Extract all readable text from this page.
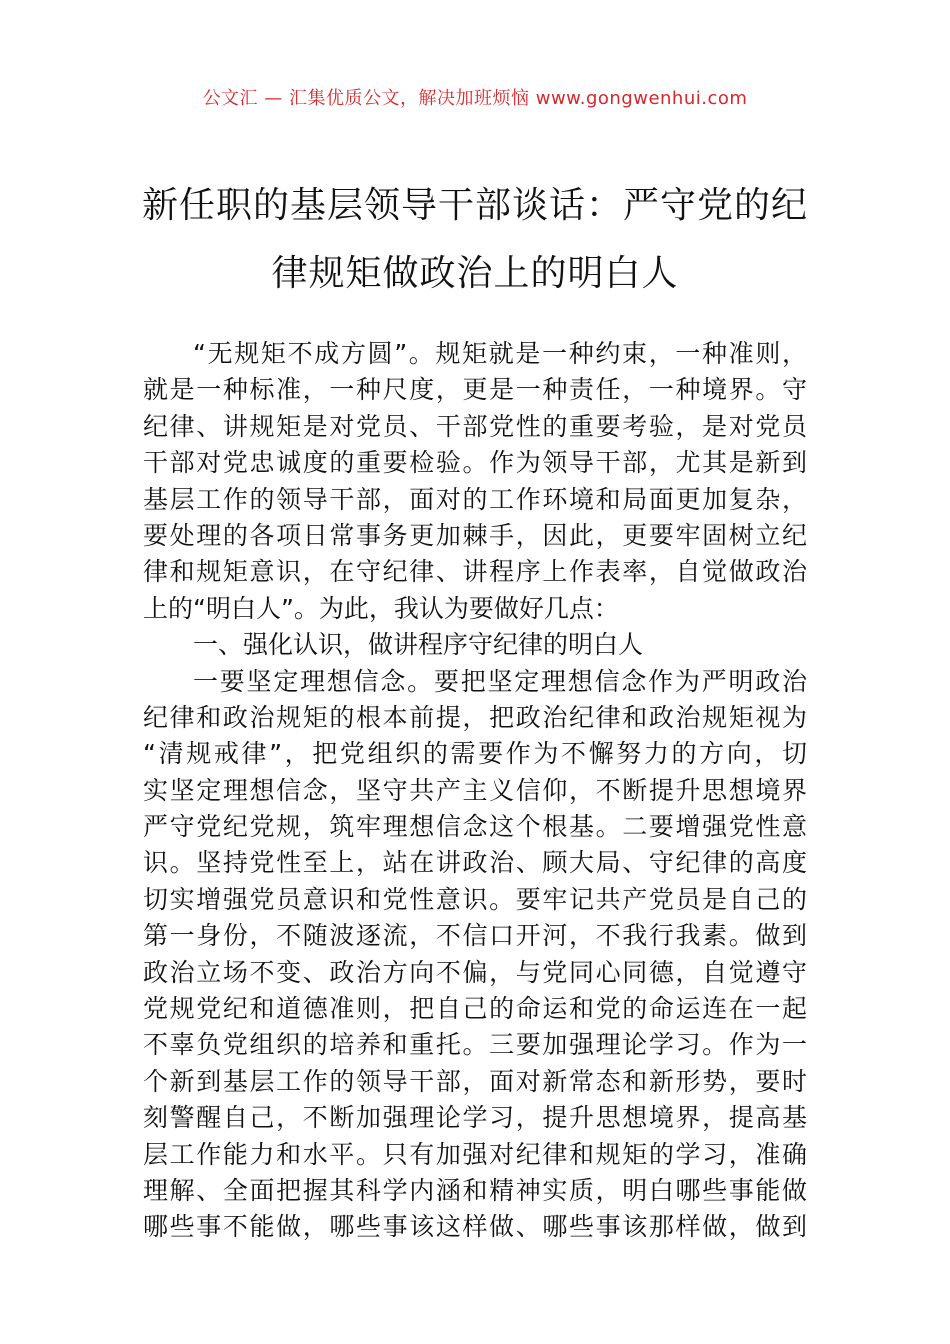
公文汇 — 汇集优质公文，解决加班烦恼 www.gongwenhui.com
新任职的基层领导干部谈话：严守党的纪
律规矩做政治上的明白人
“无规矩不成方圆”。规矩就是一种约束，一种准则，
就是一种标准，一种尺度，更是一种责任，一种境界。守
纪律、讲规矩是对党员、干部党性的重要考验，是对党员
干部对党忠诚度的重要检验。作为领导干部，尤其是新到
基层工作的领导干部，面对的工作环境和局面更加复杂，
要处理的各项日常事务更加棘手，因此，更要牢固树立纪
律和规矩意识，在守纪律、讲程序上作表率，自觉做政治
上的“明白人”。为此，我认为要做好几点：
一、强化认识，做讲程序守纪律的明白人
一要坚定理想信念。要把坚定理想信念作为严明政治
纪律和政治规矩的根本前提，把政治纪律和政治规矩视为
“清规戒律”，把党组织的需要作为不懈努力的方向，切
实坚定理想信念，坚守共产主义信仰，不断提升思想境界
严守党纪党规，筑牢理想信念这个根基。二要增强党性意
识。坚持党性至上，站在讲政治、顾大局、守纪律的高度
切实增强党员意识和党性意识。要牢记共产党员是自己的
第一身份，不随波逐流，不信口开河，不我行我素。做到
政治立场不变、政治方向不偏，与党同心同德，自觉遵守
党规党纪和道德准则，把自己的命运和党的命运连在一起
不辜负党组织的培养和重托。三要加强理论学习。作为一
个新到基层工作的领导干部，面对新常态和新形势，要时
刻警醒自己，不断加强理论学习，提升思想境界，提高基
层工作能力和水平。只有加强对纪律和规矩的学习，准确
理解、全面把握其科学内涵和精神实质，明白哪些事能做
哪些事不能做，哪些事该这样做、哪些事该那样做，做到
